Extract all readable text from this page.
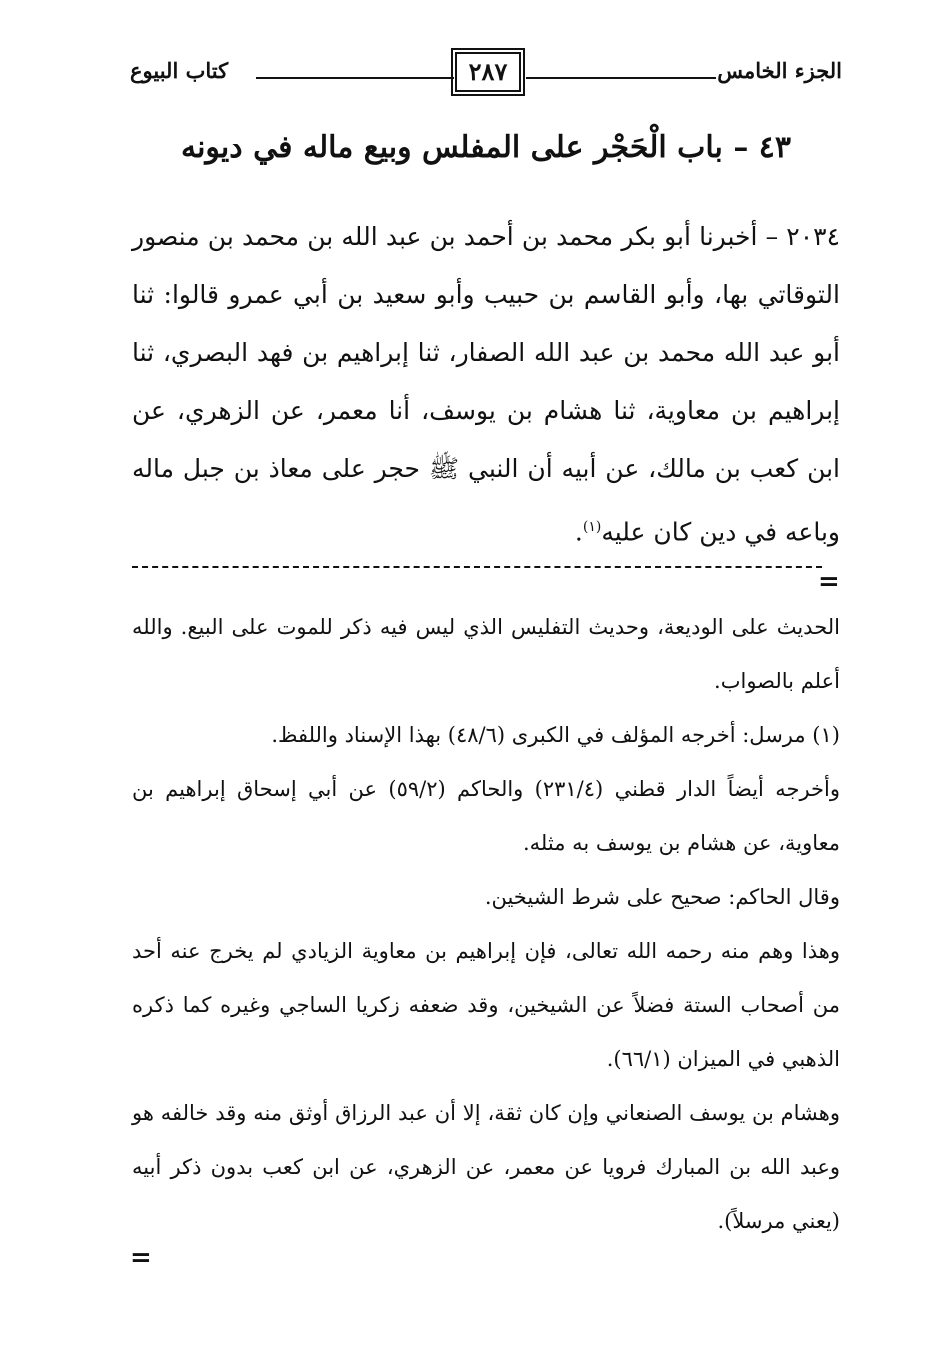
الجزء الخامس
٢٨٧
كتاب البيوع
٤٣ – باب الْحَجْر على المفلس وبيع ماله في ديونه

٢٠٣٤ – أخبرنا أبو بكر محمد بن أحمد بن عبد الله بن محمد بن منصور التوقاتي بها، وأبو القاسم بن حبيب وأبو سعيد بن أبي عمرو قالوا: ثنا أبو عبد الله محمد بن عبد الله الصفار، ثنا إبراهيم بن فهد البصري، ثنا إبراهيم بن معاوية، ثنا هشام بن يوسف، أنا معمر، عن الزهري، عن ابن كعب بن مالك، عن أبيه أن النبي ﷺ حجر على معاذ بن جبل ماله وباعه في دين كان عليه$^{(١)}$.

=

الحديث على الوديعة، وحديث التفليس الذي ليس فيه ذكر للموت على البيع. والله أعلم بالصواب.

(١) مرسل: أخرجه المؤلف في الكبرى (٤٨/٦) بهذا الإسناد واللفظ.

وأخرجه أيضاً الدار قطني (٢٣١/٤) والحاكم (٥٩/٢) عن أبي إسحاق إبراهيم بن معاوية، عن هشام بن يوسف به مثله.

وقال الحاكم: صحيح على شرط الشيخين.

وهذا وهم منه رحمه الله تعالى، فإن إبراهيم بن معاوية الزيادي لم يخرج عنه أحد من أصحاب الستة فضلاً عن الشيخين، وقد ضعفه زكريا الساجي وغيره كما ذكره الذهبي في الميزان (٦٦/١).

وهشام بن يوسف الصنعاني وإن كان ثقة، إلا أن عبد الرزاق أوثق منه وقد خالفه هو وعبد الله بن المبارك فرويا عن معمر، عن الزهري، عن ابن كعب بدون ذكر أبيه (يعني مرسلاً).

=
